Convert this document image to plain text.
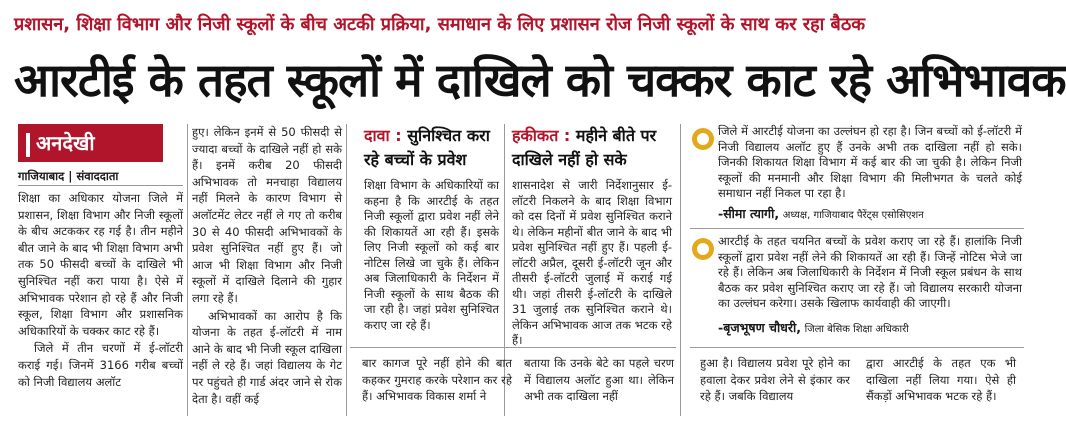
प्रशासन, शिक्षा विभाग और निजी स्कूलों के बीच अटकी प्रक्रिया, समाधान के लिए प्रशासन रोज निजी स्कूलों के साथ कर रहा बैठक
आरटीई के तहत स्कूलों में दाखिले को चक्कर काट रहे अभिभावक
अनदेखी
गाजियाबाद | संवाददाता

शिक्षा का अधिकार योजना जिले में प्रशासन, शिक्षा विभाग और निजी स्कूलों के बीच अटककर रह गई है। तीन महीने बीत जाने के बाद भी शिक्षा विभाग अभी तक 50 फीसदी बच्चों के दाखिले भी सुनिश्चित नहीं करा पाया है। ऐसे में अभिभावक परेशान हो रहे हैं और निजी स्कूल, शिक्षा विभाग और प्रशासनिक अधिकारियों के चक्कर काट रहे हैं।

जिले में तीन चरणों में ई-लॉटरी कराई गई। जिनमें 3166 गरीब बच्चों को निजी विद्यालय अलॉट

हुए। लेकिन इनमें से 50 फीसदी से ज्यादा बच्चों के दाखिले नहीं हो सके हैं। इनमें करीब 20 फीसदी अभिभावक तो मनचाहा विद्यालय नहीं मिलने के कारण विभाग से अलॉटमेंट लेटर नहीं ले गए तो करीब 30 से 40 फीसदी अभिभावकों के प्रवेश सुनिश्चित नहीं हुए हैं। जो आज भी शिक्षा विभाग और निजी स्कूलों में दाखिले दिलाने की गुहार लगा रहे हैं।

अभिभावकों का आरोप है कि योजना के तहत ई-लॉटरी में नाम आने के बाद भी निजी स्कूल दाखिला नहीं ले रहे हैं। जहां विद्यालय के गेट पर पहुंचते ही गार्ड अंदर जाने से रोक देता है। वहीं कई

दावा : सुनिश्चित करा रहे बच्चों के प्रवेश

शिक्षा विभाग के अधिकारियों का कहना है कि आरटीई के तहत निजी स्कूलों द्वारा प्रवेश नहीं लेने की शिकायतें आ रही हैं। इसके लिए निजी स्कूलों को कई बार नोटिस लिखे जा चुके हैं। लेकिन अब जिलाधिकारी के निर्देशन में निजी स्कूलों के साथ बैठक की जा रही है। जहां प्रवेश सुनिश्चित कराए जा रहे हैं।

हकीकत : महीने बीते पर दाखिले नहीं हो सके

शासनादेश से जारी निर्देशानुसार ई-लॉटरी निकलने के बाद शिक्षा विभाग को दस दिनों में प्रवेश सुनिश्चित कराने थे। लेकिन महीनों बीत जाने के बाद भी प्रवेश सुनिश्चित नहीं हुए हैं। पहली ई-लॉटरी अप्रैल, दूसरी ई-लॉटरी जून और तीसरी ई-लॉटरी जुलाई में कराई गई थी। जहां तीसरी ई-लॉटरी के दाखिले 31 जुलाई तक सुनिश्चित कराने थे। लेकिन अभिभावक आज तक भटक रहे हैं।

बार कागज पूरे नहीं होने की बात कहकर गुमराह करके परेशान कर रहे हैं। अभिभावक विकास शर्मा ने

बताया कि उनके बेटे का पहले चरण में विद्यालय अलॉट हुआ था। लेकिन अभी तक दाखिला नहीं

जिले में आरटीई योजना का उल्लंघन हो रहा है। जिन बच्चों को ई-लॉटरी में निजी विद्यालय अलॉट हुए हैं उनके अभी तक दाखिला नहीं हो सके। जिनकी शिकायत शिक्षा विभाग में कई बार की जा चुकी है। लेकिन निजी स्कूलों की मनमानी और शिक्षा विभाग की मिलीभगत के चलते कोई समाधान नहीं निकल पा रहा है।
-सीमा त्यागी, अध्यक्ष, गाजियाबाद पैरेंट्स एसोसिएशन
आरटीई के तहत चयनित बच्चों के प्रवेश कराए जा रहे हैं। हालांकि निजी स्कूलों द्वारा प्रवेश नहीं लेने की शिकायतें आ रही हैं। जिन्हें नोटिस भेजे जा रहे हैं। लेकिन अब जिलाधिकारी के निर्देशन में निजी स्कूल प्रबंधन के साथ बैठक कर प्रवेश सुनिश्चित कराए जा रहे हैं। जो विद्यालय सरकारी योजना का उल्लंघन करेगा। उसके खिलाफ कार्यवाही की जाएगी।
-बृजभूषण चौधरी, जिला बेसिक शिक्षा अधिकारी

हुआ है। विद्यालय प्रवेश पूरे होने का हवाला देकर प्रवेश लेने से इंकार कर रहे हैं। जबकि विद्यालय

द्वारा आरटीई के तहत एक भी दाखिला नहीं लिया गया। ऐसे ही सैंकड़ों अभिभावक भटक रहे हैं।
